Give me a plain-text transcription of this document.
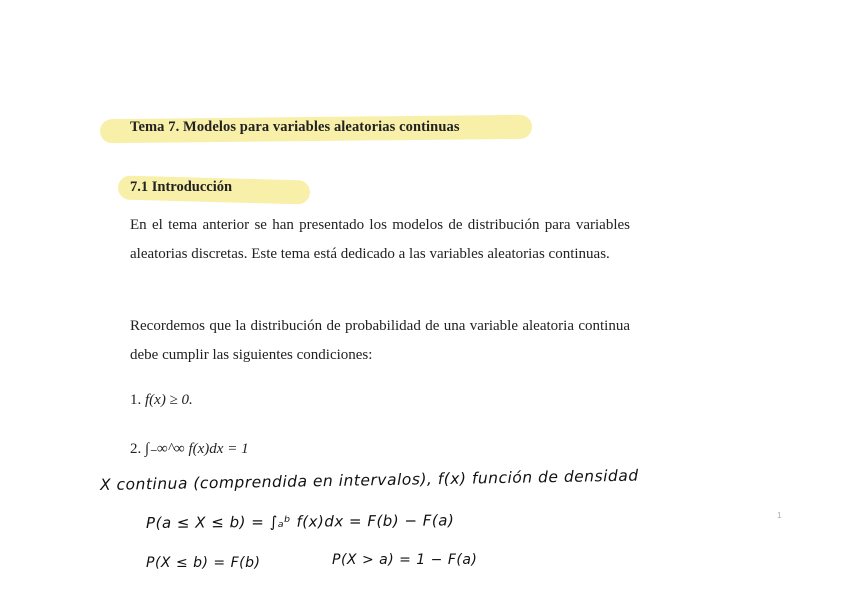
Tema 7. Modelos para variables aleatorias continuas
7.1 Introducción
En el tema anterior se han presentado los modelos de distribución para variables aleatorias discretas. Este tema está dedicado a las variables aleatorias continuas.
Recordemos que la distribución de probabilidad de una variable aleatoria continua debe cumplir las siguientes condiciones:
1. f(x) ≥ 0.
2. ∫₋∞^∞ f(x)dx = 1
X continua (comprendida en intervalos), f(x) función de densidad
P(a ≤ X ≤ b) = ∫ₐᵇ f(x)dx = F(b) − F(a)
P(X ≤ b) = F(b)	P(X > a) = 1 − F(a)
1
